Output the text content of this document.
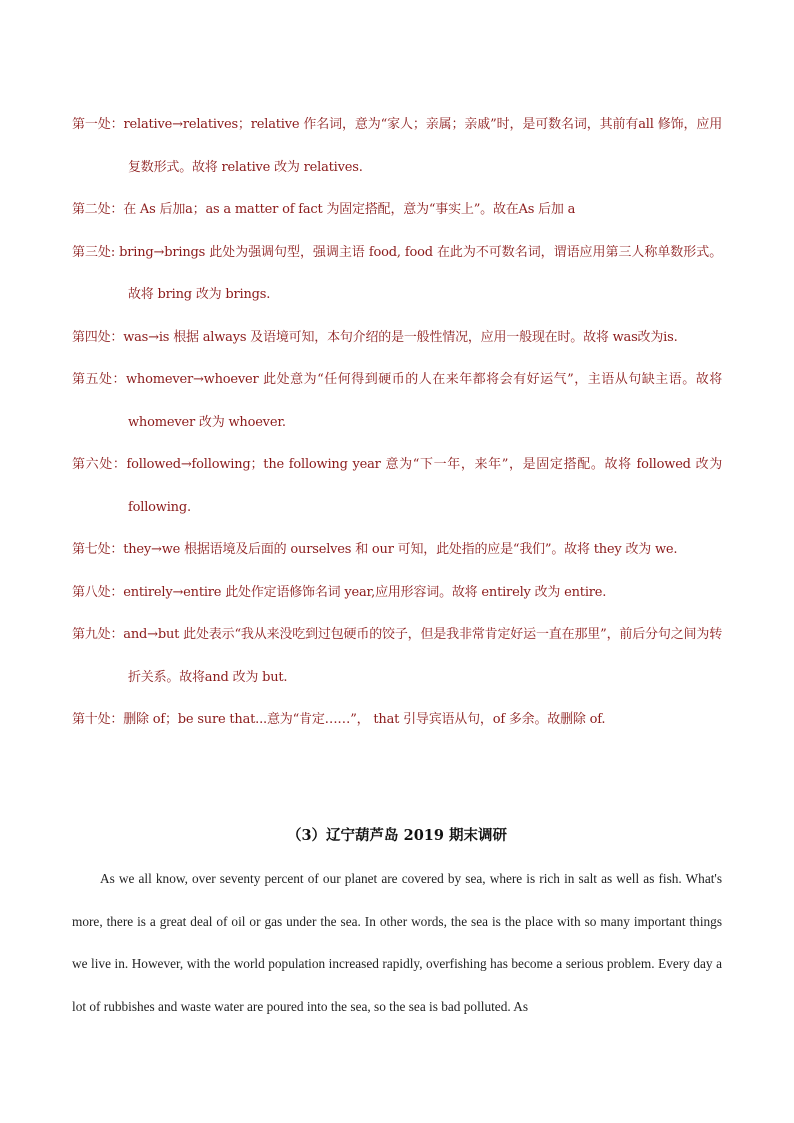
第一处：relative→relatives；relative 作名词，意为“家人；亲属；亲戚”时，是可数名词，其前有all 修饰，应用复数形式。故将 relative 改为 relatives.

第二处：在 As 后加a；as a matter of fact 为固定搭配，意为“事实上”。故在As 后加 a

第三处: bring→brings 此处为强调句型，强调主语 food, food 在此为不可数名词，谓语应用第三人称单数形式。故将 bring 改为 brings.

第四处：was→is 根据 always 及语境可知，本句介绍的是一般性情况，应用一般现在时。故将 was改为is.

第五处：whomever→whoever 此处意为“任何得到硬币的人在来年都将会有好运气”，主语从句缺主语。故将 whomever 改为 whoever.

第六处：followed→following；the following year 意为“下一年，来年”，是固定搭配。故将 followed 改为following.

第七处：they→we 根据语境及后面的 ourselves 和 our 可知，此处指的应是“我们”。故将 they 改为 we.

第八处：entirely→entire 此处作定语修饰名词 year,应用形容词。故将 entirely 改为 entire.

第九处：and→but 此处表示“我从来没吃到过包硬币的饺子，但是我非常肯定好运一直在那里”，前后分句之间为转折关系。故将and 改为 but.

第十处：删除 of；be sure that...意为“肯定……”， that 引导宾语从句，of 多余。故删除 of.

（3）辽宁葫芦岛 2019 期末调研

As we all know, over seventy percent of our planet are covered by sea, where is rich in salt as well as fish. What's more, there is a great deal of oil or gas under the sea. In other words, the sea is the place with so many important things we live in. However, with the world population increased rapidly, overfishing has become a serious problem. Every day a lot of rubbishes and waste water are poured into the sea, so the sea is bad polluted. As
